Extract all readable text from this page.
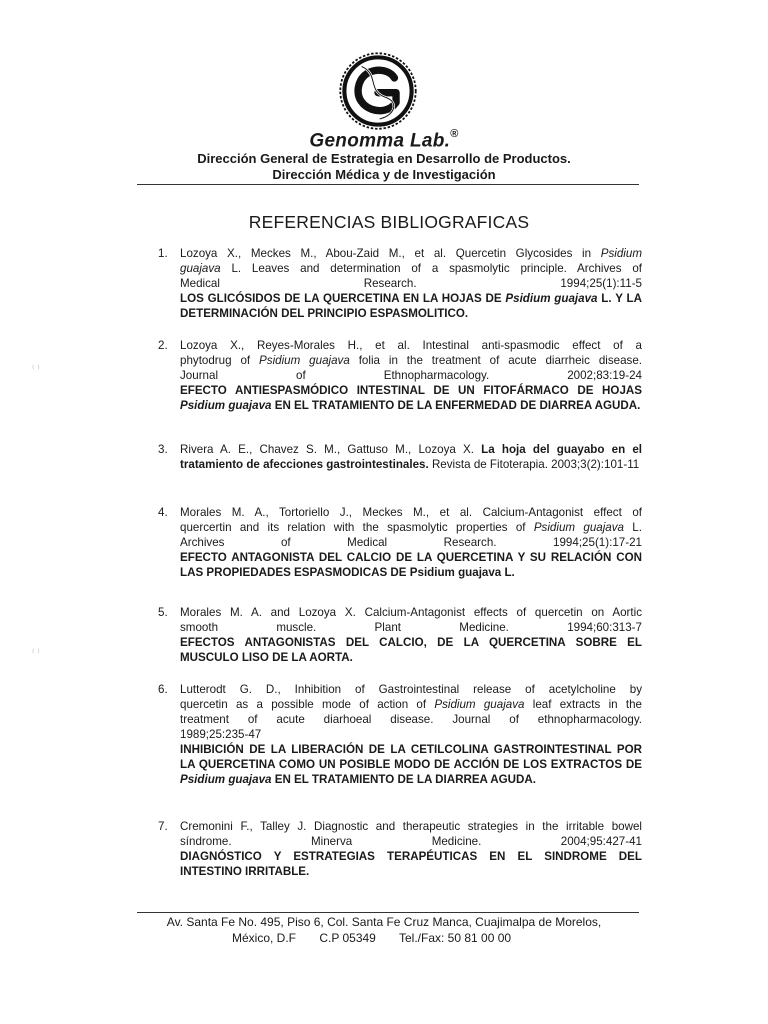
Genomma Lab.®
Dirección General de Estrategia en Desarrollo de Productos.
Dirección Médica y de Investigación
REFERENCIAS BIBLIOGRAFICAS
⁽ ⁾
⁽ ⁾
1. Lozoya X., Meckes M., Abou-Zaid M., et al. Quercetin Glycosides in Psidium

guajava L. Leaves and determination of a spasmolytic principle. Archives of

Medical Research. 1994;25(1):11-5

LOS GLICÓSIDOS DE LA QUERCETINA EN LA HOJAS DE Psidium guajava L. Y LA DETERMINACIÓN DEL PRINCIPIO ESPASMOLITICO.

2. Lozoya X., Reyes-Morales H., et al. Intestinal anti-spasmodic effect of a

phytodrug of Psidium guajava folia in the treatment of acute diarrheic disease.

Journal of Ethnopharmacology. 2002;83:19-24

EFECTO ANTIESPASMÓDICO INTESTINAL DE UN FITOFÁRMACO DE HOJAS Psidium guajava EN EL TRATAMIENTO DE LA ENFERMEDAD DE DIARREA AGUDA.

3. Rivera A. E., Chavez S. M., Gattuso M., Lozoya X. La hoja del guayabo en el tratamiento de afecciones gastrointestinales. Revista de Fitoterapia. 2003;3(2):101-11

4. Morales M. A., Tortoriello J., Meckes M., et al. Calcium-Antagonist effect of

quercertin and its relation with the spasmolytic properties of Psidium guajava L.

Archives of Medical Research. 1994;25(1):17-21

EFECTO ANTAGONISTA DEL CALCIO DE LA QUERCETINA Y SU RELACIÓN CON LAS PROPIEDADES ESPASMODICAS DE Psidium guajava L.

5. Morales M. A. and Lozoya X. Calcium-Antagonist effects of quercetin on Aortic

smooth muscle. Plant Medicine. 1994;60:313-7

EFECTOS ANTAGONISTAS DEL CALCIO, DE LA QUERCETINA SOBRE EL MUSCULO LISO DE LA AORTA.

6. Lutterodt G. D., Inhibition of Gastrointestinal release of acetylcholine by

quercetin as a possible mode of action of Psidium guajava leaf extracts in the

treatment of acute diarhoeal disease. Journal of ethnopharmacology.

1989;25:235-47

INHIBICIÓN DE LA LIBERACIÓN DE LA CETILCOLINA GASTROINTESTINAL POR LA QUERCETINA COMO UN POSIBLE MODO DE ACCIÓN DE LOS EXTRACTOS DE Psidium guajava EN EL TRATAMIENTO DE LA DIARREA AGUDA.

7. Cremonini F., Talley J. Diagnostic and therapeutic strategies in the irritable bowel

síndrome. Minerva Medicine. 2004;95:427-41

DIAGNÓSTICO Y ESTRATEGIAS TERAPÉUTICAS EN EL SINDROME DEL INTESTINO IRRITABLE.

Av. Santa Fe No. 495, Piso 6, Col. Santa Fe Cruz Manca, Cuajimalpa de Morelos,
México, D.F C.P 05349 Tel./Fax: 50 81 00 00
